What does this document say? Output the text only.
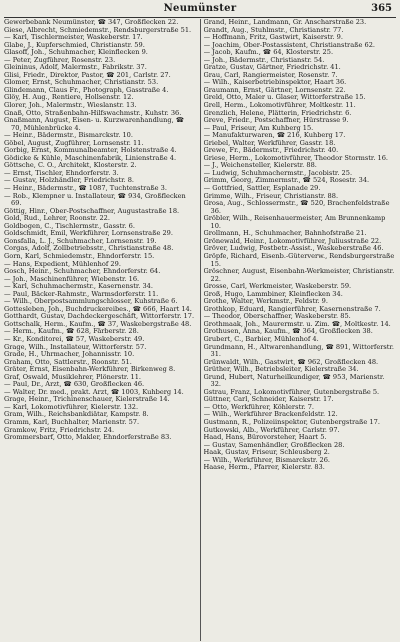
Neumünster	365
Gewerbebank Neumünster, ☎ 347, Großflecken 22.
Giese, Albrecht, Schmiedemstr., Rendsburgerstraße 51.
— Karl, Tischlermeister, Waskeberstr. 17.
Glabe, J., Kupferschmied, Christianstr. 59.
Glasoff, Joh., Schuhmacher, Kleinflecken 9.
— Peter, Zugführer, Rosenstr. 23.
Gleininus, Adolf, Malermstr., Fabrikstr. 37.
Glisi, Friedr., Direktor, Pastor, ☎ 201, Carlstr. 27.
Glomer, Ernst, Schuhmacher, Christianstr. 53.
Glindemann, Claus Fr., Photograph, Gasstraße 4.
Glöy, H. Aug., Rentiere, Hollsenstr. 12.
Glorer, Joh., Malermstr., Wieslanstr. 13.
Gnaß, Otto, Straßenbahn-Hilfswachmstr., Kuhstr. 36.
Gnaßmann, August, Eisen- u. Kurzwarenhandlung, ☎ 70, Mühlenbrücke 4.
— Heinr., Bädermstr., Bismarckstr. 10.
Göbel, August, Zugführer, Lornsenstr. 11.
Gorbig, Ernst, Kommunalbeamter, Holstenstraße 4.
Gödicke & Kühle, Maschinenfabrik, Linienstraße 4.
Göttsche, C. O., Architekt, Klosterstr. 2.
— Ernst, Tischler, Ehndorferstr. 3.
— Gustav, Holzhändler, Friedrichstr. 8.
— Heinr., Bädermstr., ☎ 1087, Tuchtenstraße 3.
— Rob., Klempner u. Installateur, ☎ 934, Großflecken 69.
Göttig, Hinr., Ober-Postschaffner, Augustastraße 18.
Gold, Rud., Lehrer, Roonstr. 22.
Goldbogen, C., Tischlermstr., Gasstr. 6.
Goldschmidt, Emil, Werkführer, Lornsenstraße 29.
Gonsfalla, L. J., Schuhmacher, Lornsenstr. 19.
Corgas, Adolf, Zollbetriebsstr., Christianstraße 48.
Gorn, Karl, Schmiedemstr., Ehndorferstr. 15.
— Hans, Expedient, Mühlenhof 29.
Gosch, Heinr., Schuhmacher, Ehndorferstr. 64.
— Joh., Maschinenführer, Wiebenstr. 16.
— Karl, Schuhmachermstr., Kasernenstr. 34.
— Paul, Bäcker-Rahmstr., Warmsdorferstr. 11.
— Wilh., Oberpostsammlungschlosser, Kuhstraße 6.
Gottesleben, Joh., Buchdruckereibes., ☎ 666, Haart 14.
Gotthardt, Gustav, Dachdeckergeschäft, Wittorferstr. 17.
Gottschalk, Herm., Kaufm., ☎ 37, Waskebergstraße 48.
— Herm., Kaufm., ☎ 628, Färberstr. 28.
— Kr., Konditorei, ☎ 57, Waskeberstr. 49.
Grage, Wilh., Installateur, Wittorferstr. 57.
Grade, H., Uhrmacher, Johannisstr. 10.
Graham, Otto, Sattlerstr., Roonstr. 51.
Gräter, Ernst, Eisenbahn-Werkführer, Birkenweg 8.
Graf, Oswald, Musiklehrer, Plönerstr. 11.
— Paul, Dr., Arzt, ☎ 630, Großflecken 46.
— Walter, Dr. med., prakt. Arzt, ☎ 1003, Kuhberg 14.
Grage, Heinr., Trichinenschauer, Kielerstraße 14.
— Karl, Lokomotivführer, Kielerstr. 132.
Gram, Wilh., Reichsbankdiätar, Kampstr. 8.
Gramm, Karl, Buchhalter, Marienstr. 57.
Gramkow, Fritz, Friedrichstr. 24.
Grommersbarf, Otto, Makler, Ehndorferstraße 83.
Grand, Heinr., Landmann, Gr. Anscharstraße 23.
Grandt, Aug., Stuhlmstr., Christianstr. 77.
— Hoffmann, Fritz, Gastwirt, Kaiserstr. 9.
— Joachim, Ober-Postassistent, Christianstraße 62.
— Jacob, Kaufm., ☎ 64, Klosterstr. 25.
— Joh., Bädermstr., Christianstr. 54.
Gratze, Gustav, Gärtner, Friedrichstr. 41.
Grau, Carl, Rangiermeister, Rosenstr. 7.
— Wilh., Kaiserbetriebinspektor, Haart 36.
Graumann, Ernst, Gärtner, Lornsenstr. 22.
Greld, Otto, Maler u. Glaser, Wittorferstraße 15.
Grell, Herm., Lokomotivführer, Moltkestr. 11.
Grenzlich, Helene, Plätterin, Friedrichstr. 6.
Greve, Friedr., Postschaffner, Hürstrasse 9.
— Paul, Friseur, Am Kuhberg 15.
— Manufakturwaren, ☎ 216, Kuhberg 17.
Griebel, Walter, Werkführer, Gasstr. 18.
Grewe, Fr., Bädermstr., Friedrichstr. 40.
Griese, Herm., Lokomotivführer, Theodor Stormstr. 16.
— J., Weichensteller, Kielerstr. 88.
— Ludwig, Schuhmachermstr., Jacobistr. 25.
Grimm, Georg, Zimmermstr., ☎ 524, Rosestr. 34.
— Gottfried, Sattler, Esplanade 29.
Grimme, Wilh., Friseur, Christianstr. 88.
Grosa, Aug., Schlossermstr., ☎ 520, Brachenfeldstraße 36.
Gröbler, Wilh., Reisenhauermeister, Am Brunnenkamp 10.
Grollmann, H., Schuhmacher, Bahnhofstraße 21.
Grönewald, Heinr., Lokomotivführer, Juliusstraße 22.
Gröver, Ludwig, Postbetr.-Assist., Waskeberstraße 46.
Gröpfe, Richard, Eisenb.-Güterverw., Rendsburgerstraße 15.
Gröschner, August, Eisenbahn-Werkmeister, Christianstr. 22.
Grosse, Carl, Werkmeister, Waskeberstr. 59.
Groß, Hugo, Lammbiner, Kleinflecken 34.
Grothe, Walter, Werkmstr., Feldstr. 9.
Grothkop, Eduard, Rangierführer, Kasernenstraße 7.
— Theodor, Oberschaffner, Waskeberstr. 85.
Grothmaak, Joh., Maurermstr. u. Zim. ☎, Moltkestr. 14.
Grothusen, Anna, Kaufm., ☎ 364, Großflecken 38.
Grubert, C., Barbier, Mühlenhof 4.
Grundmann, H., Altwarenhandlung, ☎ 891, Wittorferstr. 31.
Grünwaldt, Wilh., Gastwirt, ☎ 962, Großflecken 48.
Grüther, Wilh., Betriebsleiter, Kielerstraße 34.
Grund, Hubert, Naturheilkundiger, ☎ 953, Marienstr. 32.
Gstrau, Franz, Lokomotivführer, Gutenbergstraße 5.
Güttner, Carl, Schneider, Kaiserstr. 17.
— Otto, Werkführer, Köhlerstr. 7.
— Wilh., Werkführer Brackenfeldstr. 12.
Gustmann, R., Polizeiinspektor, Gutenbergstraße 17.
Gutkowski, Alb., Werkführer, Carlstr. 97.
Haad, Hans, Bürovorsteher, Haart 5.
— Gustav, Samenhändler, Großflecken 28.
Haak, Gustav, Friseur, Schleusberg 2.
— Wilh., Werkführer, Bismarckstr. 26.
Haase, Herm., Pfarrer, Kielerstr. 83.
